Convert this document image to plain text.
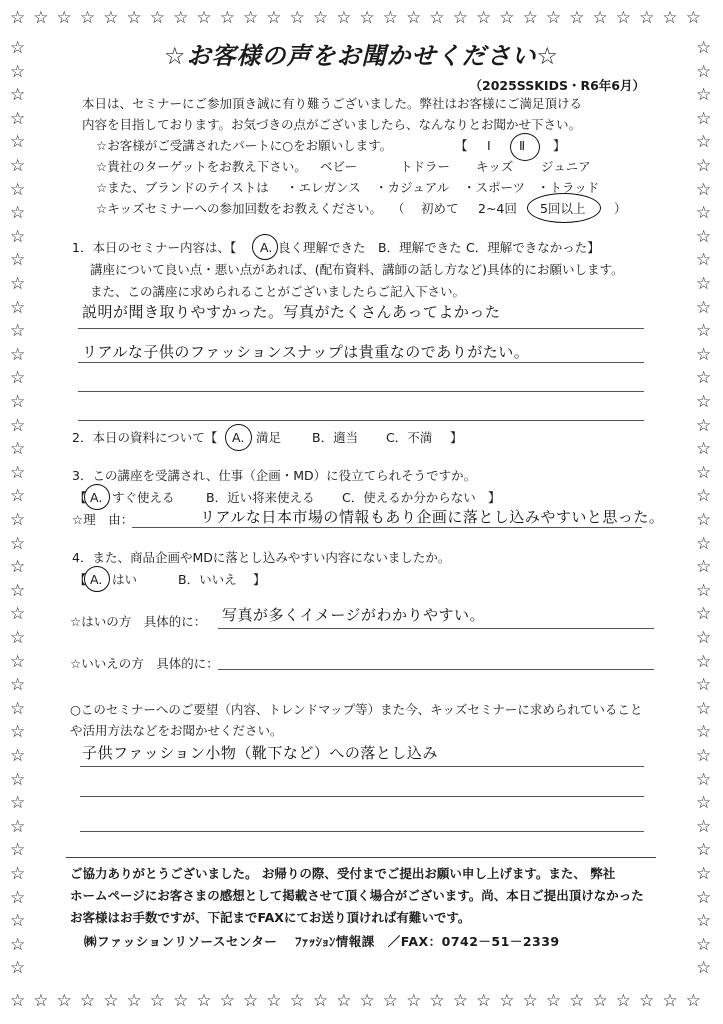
☆
☆
☆
☆
☆
☆
☆
☆
☆
☆
☆
☆
☆
☆
☆
☆
☆
☆
☆
☆
☆
☆
☆
☆
☆
☆
☆
☆
☆
☆
☆
☆
☆
☆
☆
☆
☆
☆
☆
☆
☆
☆
☆
☆
☆
☆
☆
☆
☆
☆
☆
☆
☆
☆
☆
☆
☆
☆
☆
☆
☆	☆
☆	☆
☆	☆
☆	☆
☆	☆
☆	☆
☆	☆
☆	☆
☆	☆
☆	☆
☆	☆
☆	☆
☆	☆
☆	☆
☆	☆
☆	☆
☆	☆
☆	☆
☆	☆
☆	☆
☆	☆
☆	☆
☆	☆
☆	☆
☆	☆
☆	☆
☆	☆
☆	☆
☆	☆
☆	☆
☆	☆
☆	☆
☆	☆
☆	☆
☆	☆
☆	☆
☆	☆
☆	☆
☆	☆
☆	☆
☆お客様の声をお聞かせください☆
（2025SSKIDS・R6年6月）
本日は、セミナーにご参加頂き誠に有り難うございました。弊社はお客様にご満足頂ける
内容を目指しております。お気づきの点がございましたら、なんなりとお聞かせ下さい。
☆お客様がご受講されたパートに○をお願いします。	【 Ⅰ Ⅱ 】
☆貴社のターゲットをお教え下さい。 ベビー	トドラー キッズ ジュニア
☆また、ブランドのテイストは ・エレガンス ・カジュアル ・スポーツ ・トラッド
☆キッズセミナーへの参加回数をお教えください。 （ 初めて 2~4回 5回以上 ）
1．本日のセミナー内容は、【 A. 良く理解できた B．理解できた C．理解できなかった】
講座について良い点・悪い点があれば、(配布資料、講師の話し方など)具体的にお願いします。
また、この講座に求められることがございましたらご記入下さい。
説明が聞き取りやすかった。写真がたくさんあってよかった
リアルな子供のファッションスナップは貴重なのでありがたい。
2．本日の資料について【 A. 満足 B．適当 C．不満 】
3．この講座を受講され、仕事（企画・MD）に役立てられそうですか。
【 A. すぐ使える	B．近い将来使える C．使えるか分からない 】
☆理　由：	リアルな日本市場の情報もあり企画に落とし込みやすいと思った。
4．また、商品企画やMDに落とし込みやすい内容にないましたか。
【 A. はい	B．いいえ 】
☆はいの方　具体的に： 写真が多くイメージがわかりやすい。
☆いいえの方　具体的に：
○このセミナーへのご要望（内容、トレンドマップ等）また今、キッズセミナーに求められていること
や活用方法などをお聞かせください。
子供ファッション小物（靴下など）への落とし込み
ご協力ありがとうございました。 お帰りの際、受付までご提出お願い申し上げます。また、 弊社
ホームページにお客さまの感想として掲載させて頂く場合がございます。尚、本日ご提出頂けなかった
お客様はお手数ですが、下記までFAXにてお送り頂ければ有難いです。
㈱ファッションリソースセンター　 ﾌｧｯｼｮﾝ情報課　／FAX：0742－51－2339
